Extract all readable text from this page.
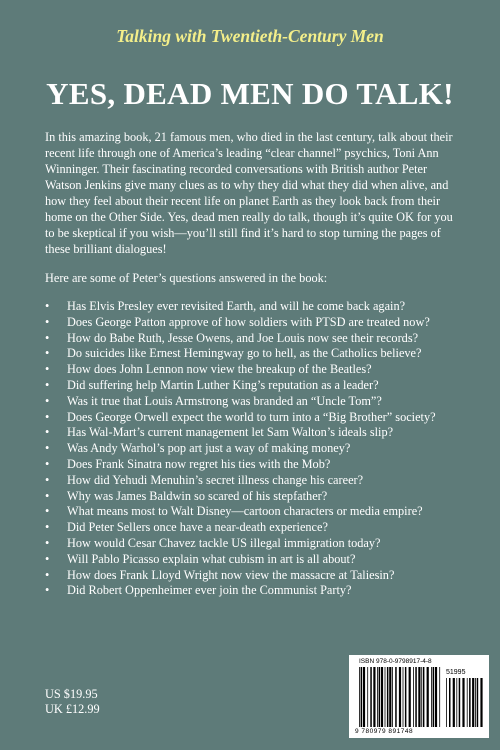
Talking with Twentieth-Century Men
YES, DEAD MEN DO TALK!

In this amazing book, 21 famous men, who died in the last century, talk about their recent life through one of America’s leading “clear channel” psychics, Toni Ann Winninger. Their fascinating recorded conversations with British author Peter Watson Jenkins give many clues as to why they did what they did when alive, and how they feel about their recent life on planet Earth as they look back from their home on the Other Side. Yes, dead men really do talk, though it’s quite OK for you to be skeptical if you wish—you’ll still find it’s hard to stop turning the pages of these brilliant dialogues!

Here are some of Peter’s questions answered in the book:

• Has Elvis Presley ever revisited Earth, and will he come back again?
• Does George Patton approve of how soldiers with PTSD are treated now?
• How do Babe Ruth, Jesse Owens, and Joe Louis now see their records?
• Do suicides like Ernest Hemingway go to hell, as the Catholics believe?
• How does John Lennon now view the breakup of the Beatles?
• Did suffering help Martin Luther King’s reputation as a leader?
• Was it true that Louis Armstrong was branded an “Uncle Tom”?
• Does George Orwell expect the world to turn into a “Big Brother” society?
• Has Wal-Mart’s current management let Sam Walton’s ideals slip?
• Was Andy Warhol’s pop art just a way of making money?
• Does Frank Sinatra now regret his ties with the Mob?
• How did Yehudi Menuhin’s secret illness change his career?
• Why was James Baldwin so scared of his stepfather?
• What means most to Walt Disney—cartoon characters or media empire?
• Did Peter Sellers once have a near-death experience?
• How would Cesar Chavez tackle US illegal immigration today?
• Will Pablo Picasso explain what cubism in art is all about?
• How does Frank Lloyd Wright now view the massacre at Taliesin?
• Did Robert Oppenheimer ever join the Communist Party?
US $19.95
UK £12.99
ISBN 978-0-9798917-4-8
51995
9 780979 891748
